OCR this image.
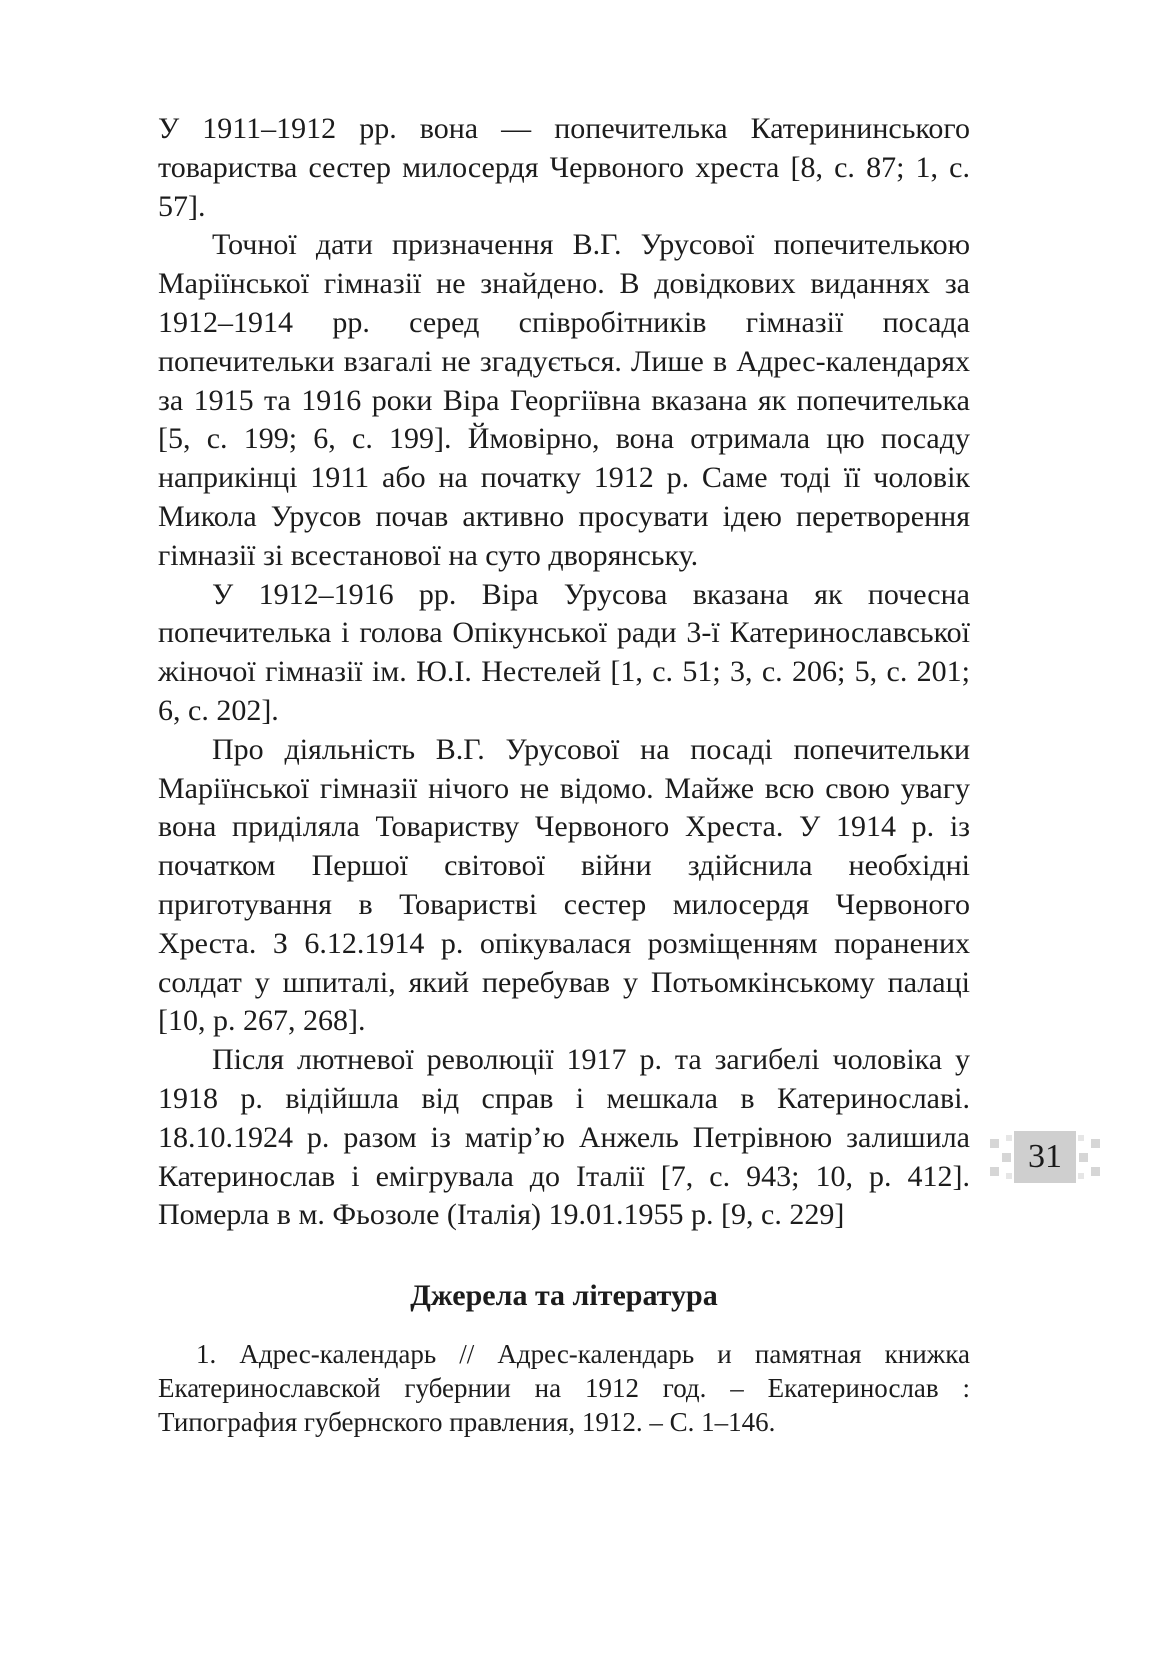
У 1911–1912 рр. вона — попечителька Катерининського товариства сестер милосердя Червоного хреста [8, с. 87; 1, с. 57].

Точної дати призначення В.Г. Урусової попечителькою Маріїнської гімназії не знайдено. В довідкових виданнях за 1912–1914 рр. серед співробітників гімназії посада попечительки взагалі не згадується. Лише в Адрес-календарях за 1915 та 1916 роки Віра Георгіївна вказана як попечителька [5, с. 199; 6, с. 199]. Ймовірно, вона отримала цю посаду наприкінці 1911 або на початку 1912 р. Саме тоді її чоловік Микола Урусов почав активно просувати ідею перетворення гімназії зі всестанової на суто дворянську.

У 1912–1916 рр. Віра Урусова вказана як почесна попечителька і голова Опікунської ради 3-ї Катеринославської жіночої гімназії ім. Ю.І. Нестелей [1, с. 51; 3, с. 206; 5, с. 201; 6, с. 202].

Про діяльність В.Г. Урусової на посаді попечительки Маріїнської гімназії нічого не відомо. Майже всю свою увагу вона приділяла Товариству Червоного Хреста. У 1914 р. із початком Першої світової війни здійснила необхідні приготування в Товаристві сестер милосердя Червоного Хреста. З 6.12.1914 р. опікувалася розміщенням поранених солдат у шпиталі, який перебував у Потьомкінському палаці [10, p. 267, 268].

Після лютневої революції 1917 р. та загибелі чоловіка у 1918 р. відійшла від справ і мешкала в Катеринославі. 18.10.1924 р. разом із матір’ю Анжель Петрівною залишила Катеринослав і емігрувала до Італії [7, с. 943; 10, p. 412]. Померла в м. Фьозоле (Італія) 19.01.1955 р. [9, с. 229]

Джерела та література

1. Адрес-календарь // Адрес-календарь и памятная книжка Екатеринославской губернии на 1912 год. – Екатеринослав : Типография губернского правления, 1912. – С. 1–146.

31
